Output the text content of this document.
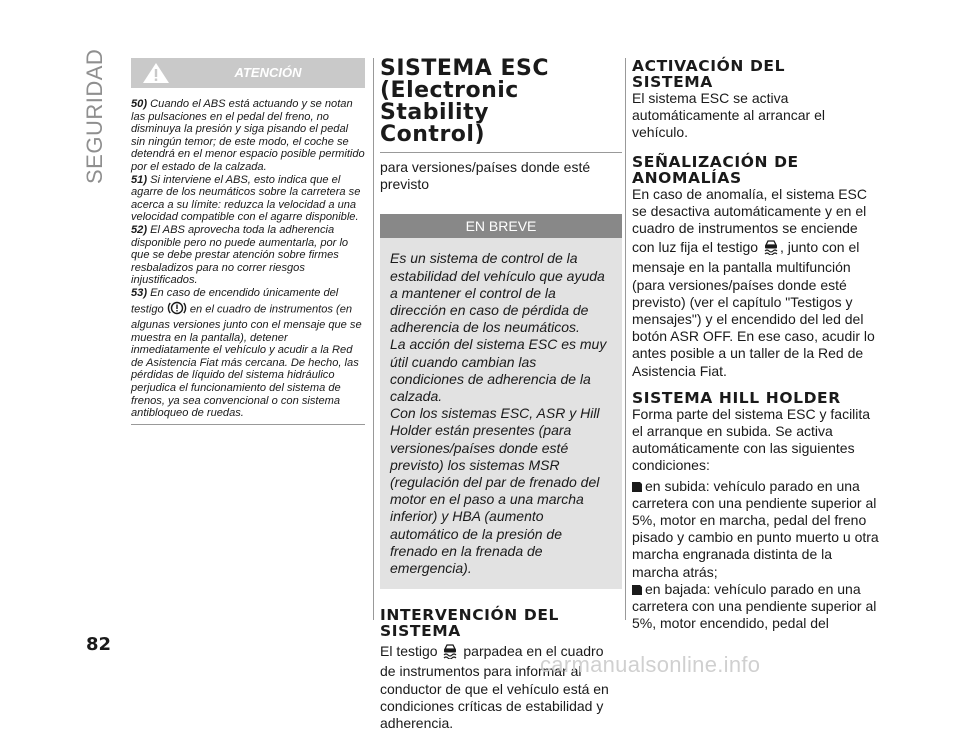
SEGURIDAD
82
ATENCIÓN

50) Cuando el ABS está actuando y se notan las pulsaciones en el pedal del freno, no disminuya la presión y siga pisando el pedal sin ningún temor; de este modo, el coche se detendrá en el menor espacio posible permitido por el estado de la calzada.

51) Si interviene el ABS, esto indica que el agarre de los neumáticos sobre la carretera se acerca a su límite: reduzca la velocidad a una velocidad compatible con el agarre disponible.

52) El ABS aprovecha toda la adherencia disponible pero no puede aumentarla, por lo que se debe prestar atención sobre firmes resbaladizos para no correr riesgos injustificados.

53) En caso de encendido únicamente del testigo en el cuadro de instrumentos (en algunas versiones junto con el mensaje que se muestra en la pantalla), detener inmediatamente el vehículo y acudir a la Red de Asistencia Fiat más cercana. De hecho, las pérdidas de líquido del sistema hidráulico perjudica el funcionamiento del sistema de frenos, ya sea convencional o con sistema antibloqueo de ruedas.

SISTEMA ESC
(Electronic Stability
Control)

para versiones/países donde esté previsto

EN BREVE

Es un sistema de control de la estabilidad del vehículo que ayuda a mantener el control de la dirección en caso de pérdida de adherencia de los neumáticos.

La acción del sistema ESC es muy útil cuando cambian las condiciones de adherencia de la calzada.

Con los sistemas ESC, ASR y Hill Holder están presentes (para versiones/países donde esté previsto) los sistemas MSR (regulación del par de frenado del motor en el paso a una marcha inferior) y HBA (aumento automático de la presión de frenado en la frenada de emergencia).

INTERVENCIÓN DEL
SISTEMA

El testigo parpadea en el cuadro de instrumentos para informar al conductor de que el vehículo está en condiciones críticas de estabilidad y adherencia.

ACTIVACIÓN DEL
SISTEMA

El sistema ESC se activa automáticamente al arrancar el vehículo.

SEÑALIZACIÓN DE
ANOMALÍAS

En caso de anomalía, el sistema ESC se desactiva automáticamente y en el cuadro de instrumentos se enciende con luz fija el testigo , junto con el mensaje en la pantalla multifunción (para versiones/países donde esté previsto) (ver el capítulo "Testigos y mensajes") y el encendido del led del botón ASR OFF. En ese caso, acudir lo antes posible a un taller de la Red de Asistencia Fiat.

SISTEMA HILL HOLDER

Forma parte del sistema ESC y facilita el arranque en subida. Se activa automáticamente con las siguientes condiciones:

en subida: vehículo parado en una carretera con una pendiente superior al 5%, motor en marcha, pedal del freno pisado y cambio en punto muerto u otra marcha engranada distinta de la marcha atrás;

en bajada: vehículo parado en una carretera con una pendiente superior al 5%, motor encendido, pedal del

carmanualsonline.info
